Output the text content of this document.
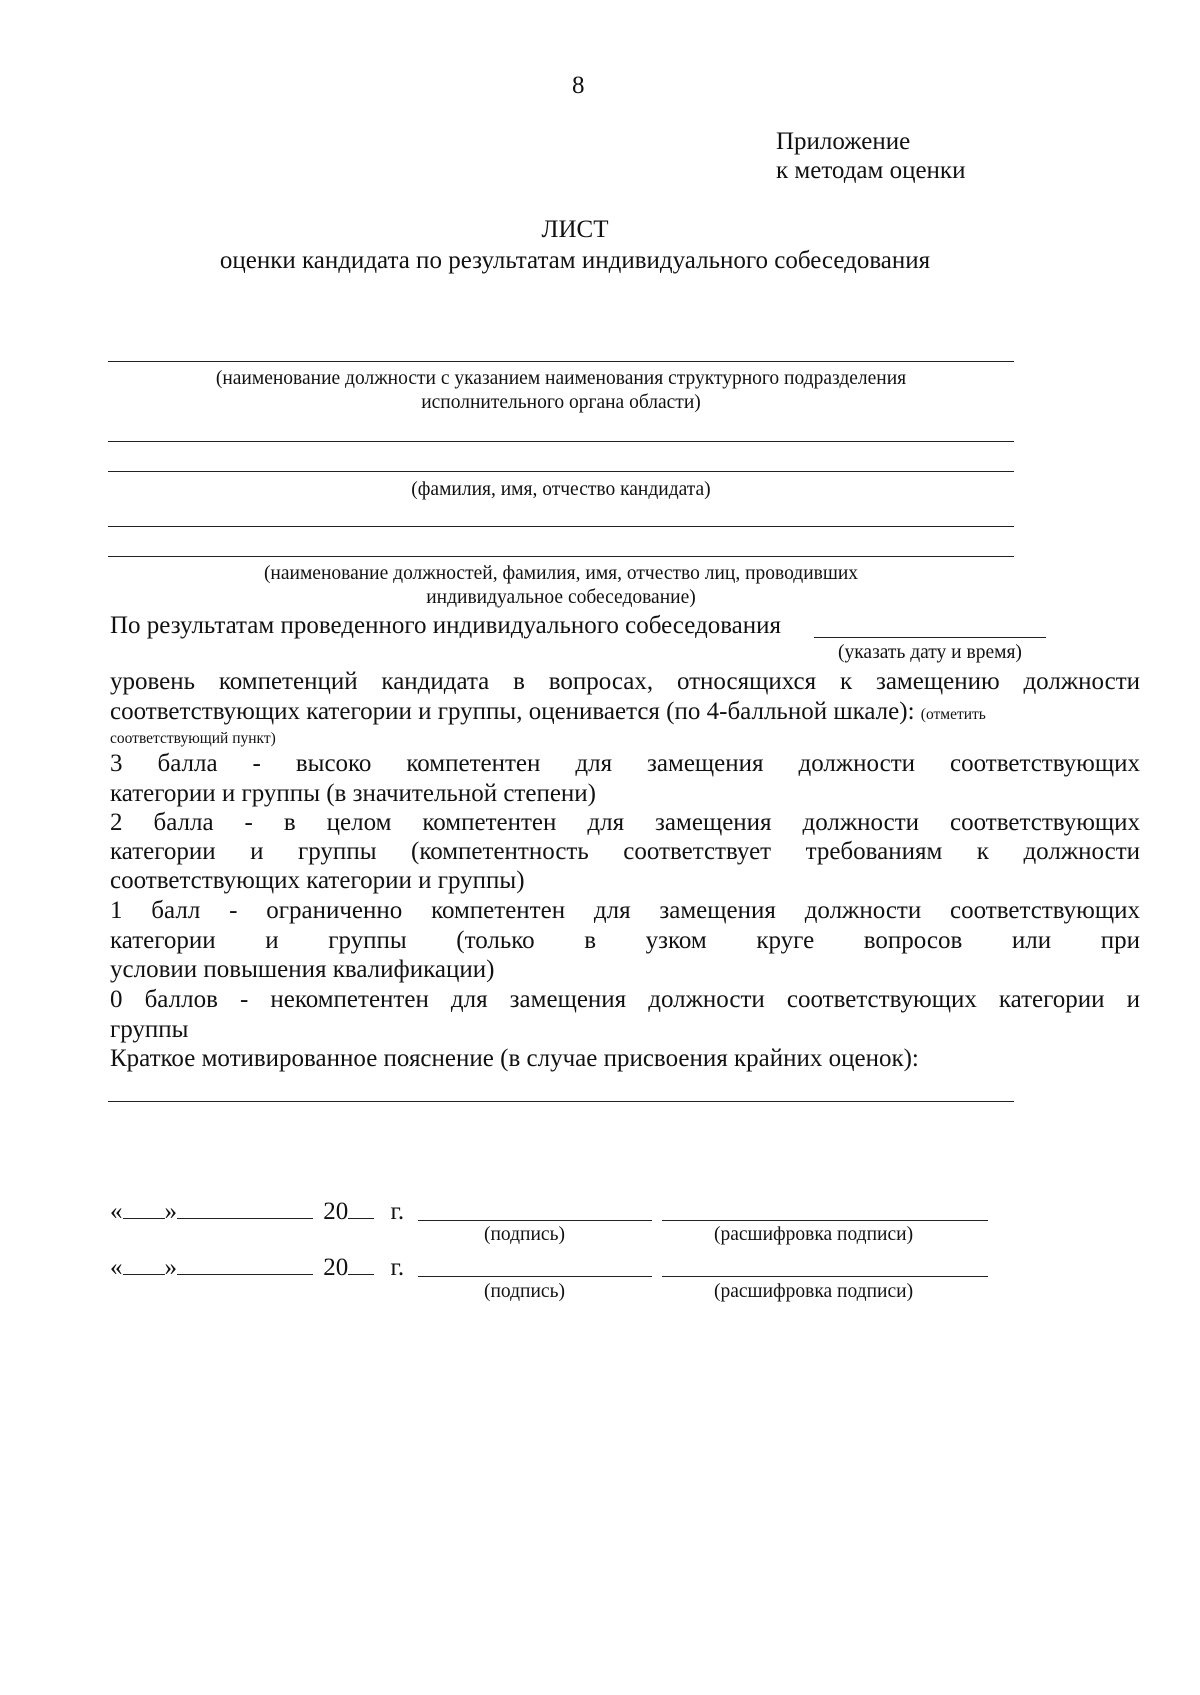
8
Приложение
к методам оценки
ЛИСТ
оценки кандидата по результатам индивидуального собеседования
(наименование должности с указанием наименования структурного подразделения
исполнительного органа области)
(фамилия, имя, отчество кандидата)
(наименование должностей, фамилия, имя, отчество лиц, проводивших
индивидуальное собеседование)
По результатам проведенного индивидуального собеседования
(указать дату и время)
уровень компетенций кандидата в вопросах, относящихся к замещению должности
соответствующих категории и группы, оценивается (по 4-балльной шкале): (отметить
соответствующий пункт)
3 балла - высоко компетентен для замещения должности соответствующих
категории и группы (в значительной степени)
2 балла - в целом компетентен для замещения должности соответствующих
категории и группы (компетентность соответствует требованиям к должности
соответствующих категории и группы)
1 балл - ограниченно компетентен для замещения должности соответствующих
категории и группы (только в узком круге вопросов или при
условии повышения квалификации)
0 баллов - некомпетентен для замещения должности соответствующих категории и
группы
Краткое мотивированное пояснение (в случае присвоения крайних оценок):
« »	20 г.
(подпись)	(расшифровка подписи)
« »	20 г.
(подпись)	(расшифровка подписи)
